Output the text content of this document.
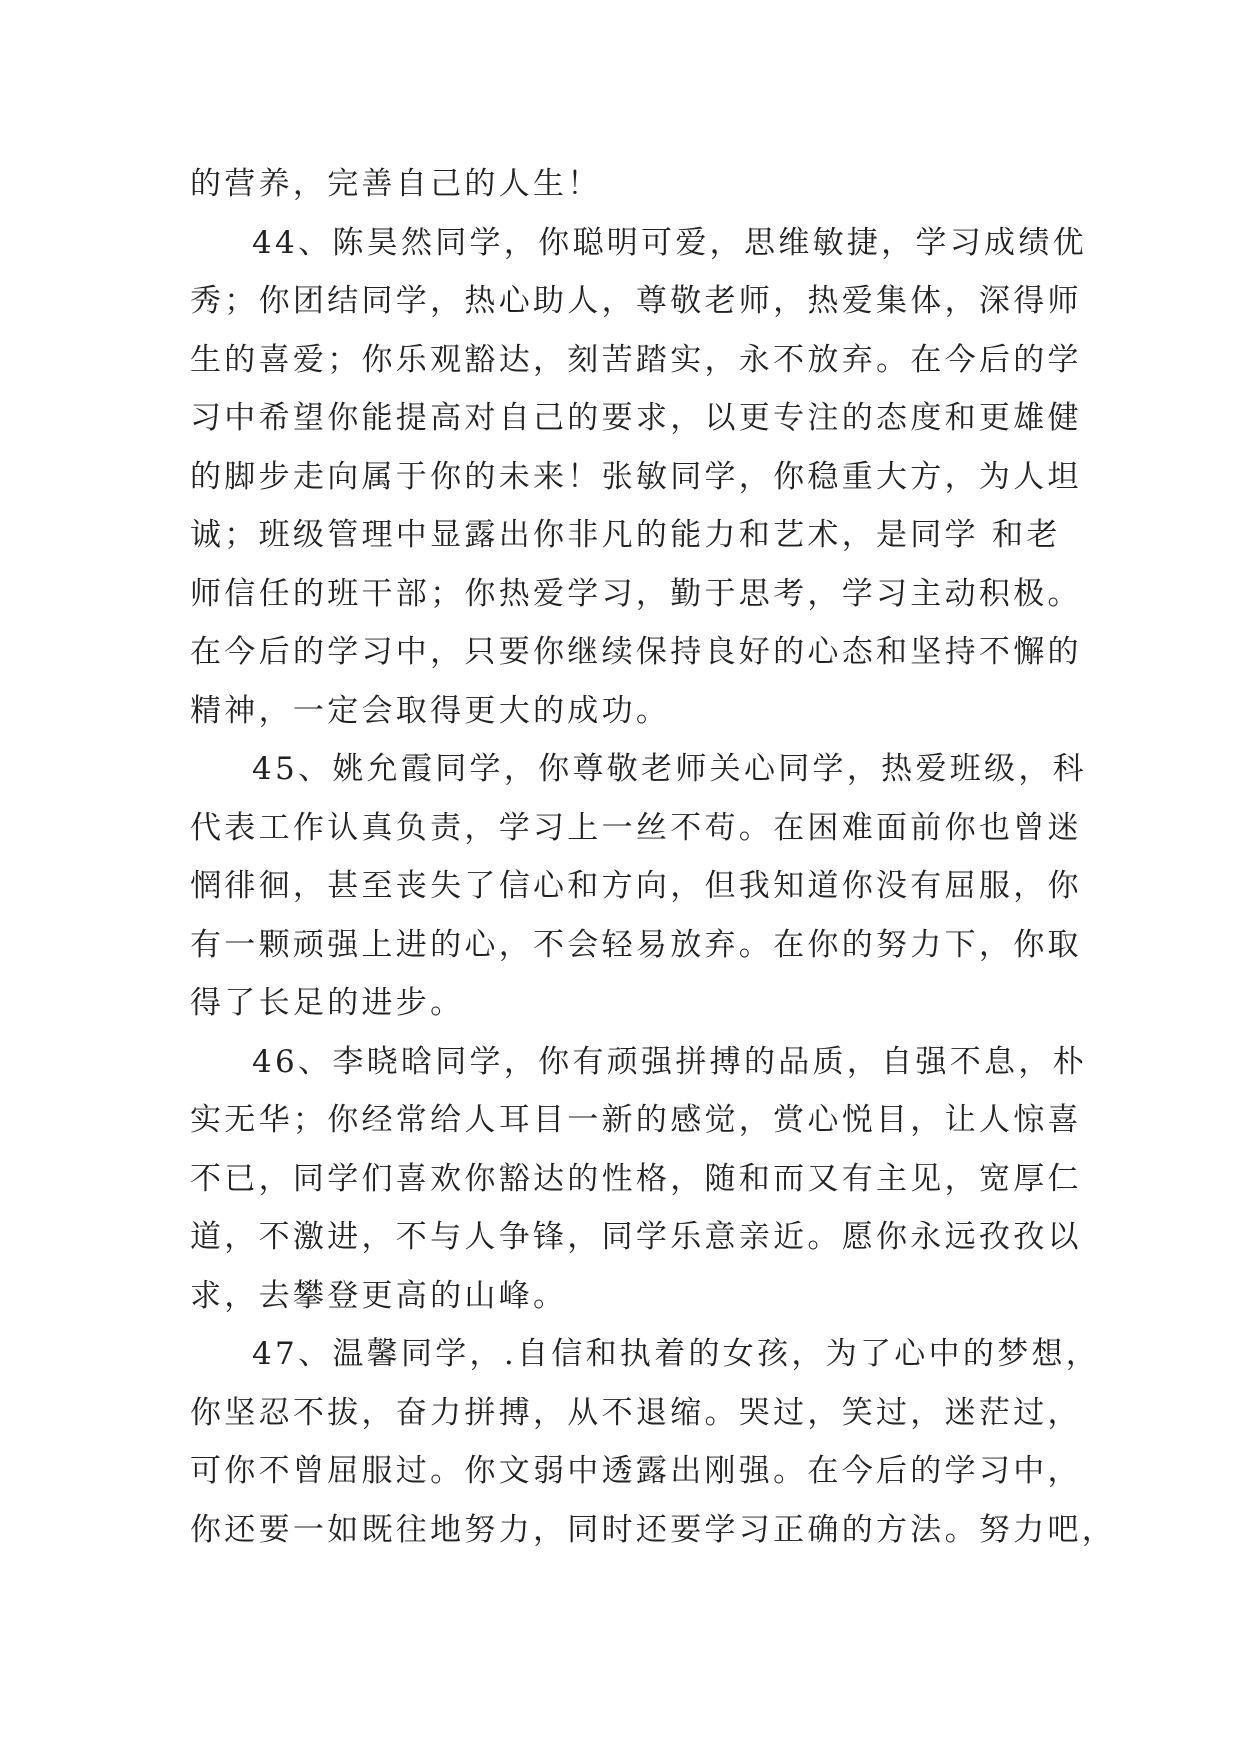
的营养，完善自己的人生！
44、陈昊然同学，你聪明可爱，思维敏捷，学习成绩优
秀；你团结同学，热心助人，尊敬老师，热爱集体，深得师
生的喜爱；你乐观豁达，刻苦踏实，永不放弃。在今后的学
习中希望你能提高对自己的要求，以更专注的态度和更雄健
的脚步走向属于你的未来！张敏同学，你稳重大方，为人坦
诚；班级管理中显露出你非凡的能力和艺术，是同学 和老
师信任的班干部；你热爱学习，勤于思考，学习主动积极。
在今后的学习中，只要你继续保持良好的心态和坚持不懈的
精神，一定会取得更大的成功。
45、姚允霞同学，你尊敬老师关心同学，热爱班级，科
代表工作认真负责，学习上一丝不苟。在困难面前你也曾迷
惘徘徊，甚至丧失了信心和方向，但我知道你没有屈服，你
有一颗顽强上进的心，不会轻易放弃。在你的努力下，你取
得了长足的进步。
46、李晓晗同学，你有顽强拼搏的品质，自强不息，朴
实无华；你经常给人耳目一新的感觉，赏心悦目，让人惊喜
不已，同学们喜欢你豁达的性格，随和而又有主见，宽厚仁
道，不激进，不与人争锋，同学乐意亲近。愿你永远孜孜以
求，去攀登更高的山峰。
47、温馨同学，.自信和执着的女孩，为了心中的梦想，
你坚忍不拔，奋力拼搏，从不退缩。哭过，笑过，迷茫过，
可你不曾屈服过。你文弱中透露出刚强。在今后的学习中，
你还要一如既往地努力，同时还要学习正确的方法。努力吧，
